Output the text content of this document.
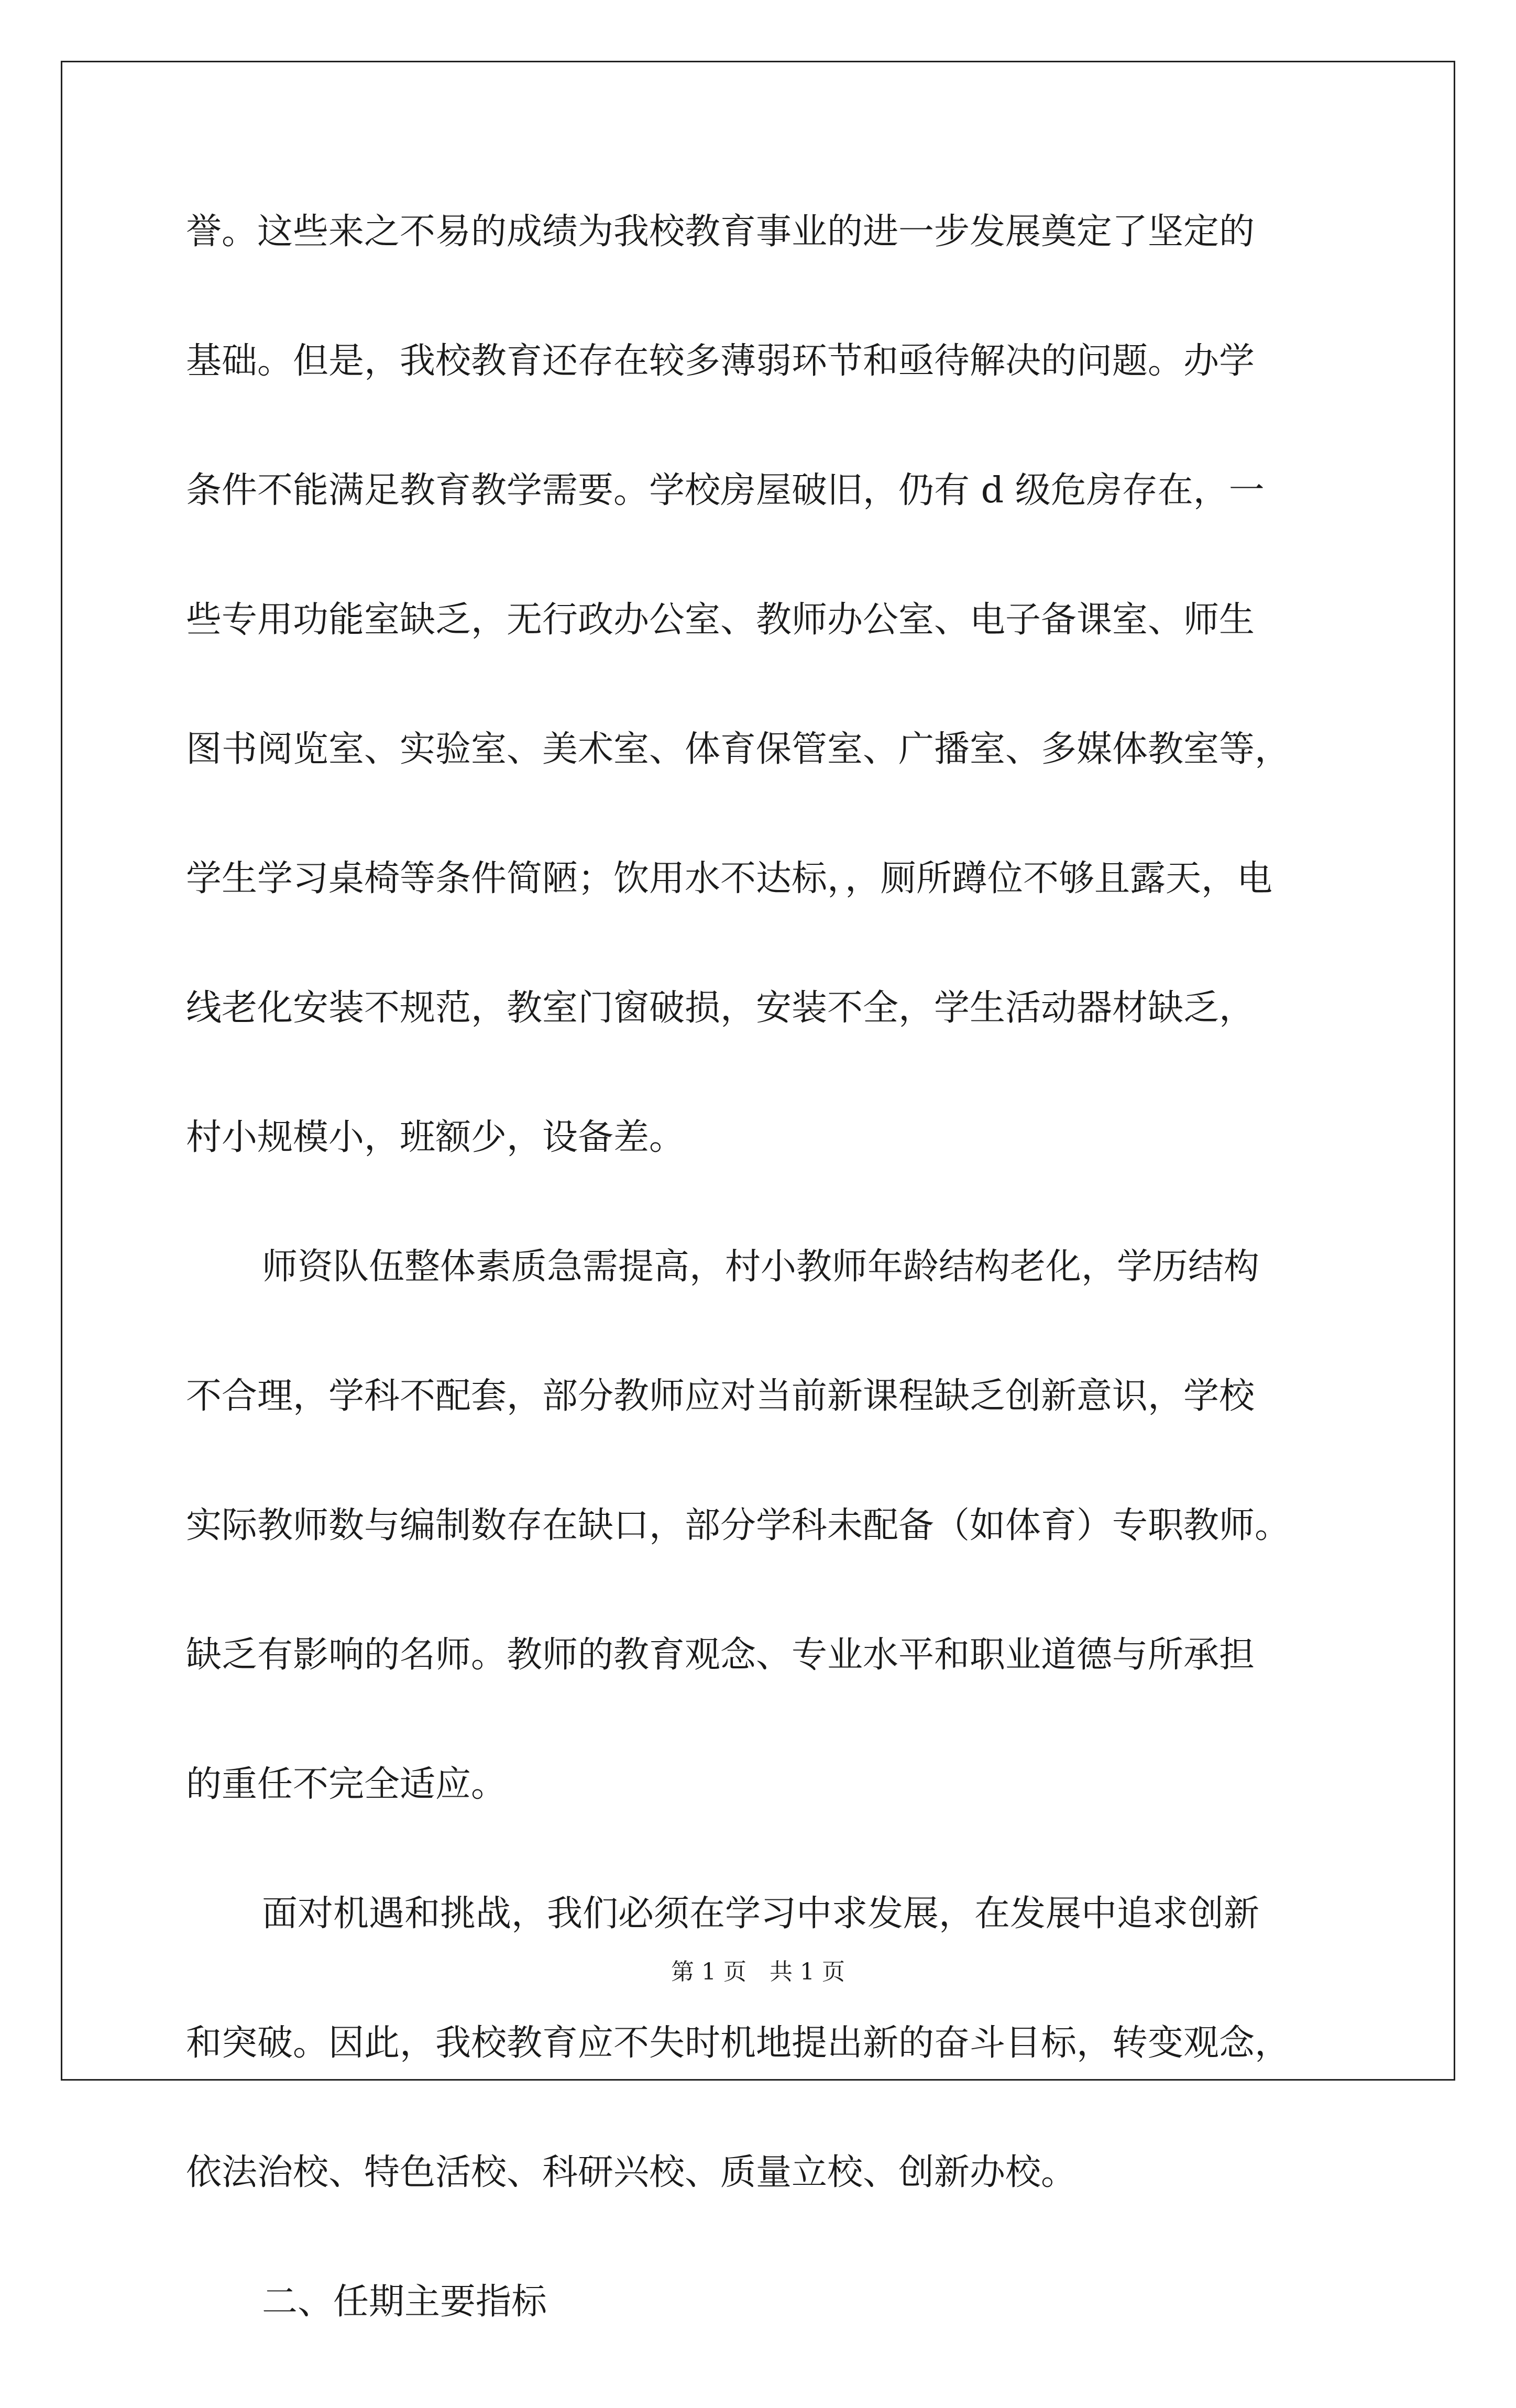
誉。这些来之不易的成绩为我校教育事业的进一步发展奠定了坚定的
基础。但是，我校教育还存在较多薄弱环节和亟待解决的问题。办学
条件不能满足教育教学需要。学校房屋破旧，仍有 d 级危房存在，一
些专用功能室缺乏，无行政办公室、教师办公室、电子备课室、师生
图书阅览室、实验室、美术室、体育保管室、广播室、多媒体教室等，
学生学习桌椅等条件简陋；饮用水不达标，，厕所蹲位不够且露天，电
线老化安装不规范，教室门窗破损，安装不全，学生活动器材缺乏，
村小规模小，班额少，设备差。
师资队伍整体素质急需提高，村小教师年龄结构老化，学历结构
不合理，学科不配套，部分教师应对当前新课程缺乏创新意识，学校
实际教师数与编制数存在缺口，部分学科未配备（如体育）专职教师。
缺乏有影响的名师。教师的教育观念、专业水平和职业道德与所承担
的重任不完全适应。
面对机遇和挑战，我们必须在学习中求发展，在发展中追求创新
和突破。因此，我校教育应不失时机地提出新的奋斗目标，转变观念，
依法治校、特色活校、科研兴校、质量立校、创新办校。
二、任期主要指标
第 1 页　共 1 页
